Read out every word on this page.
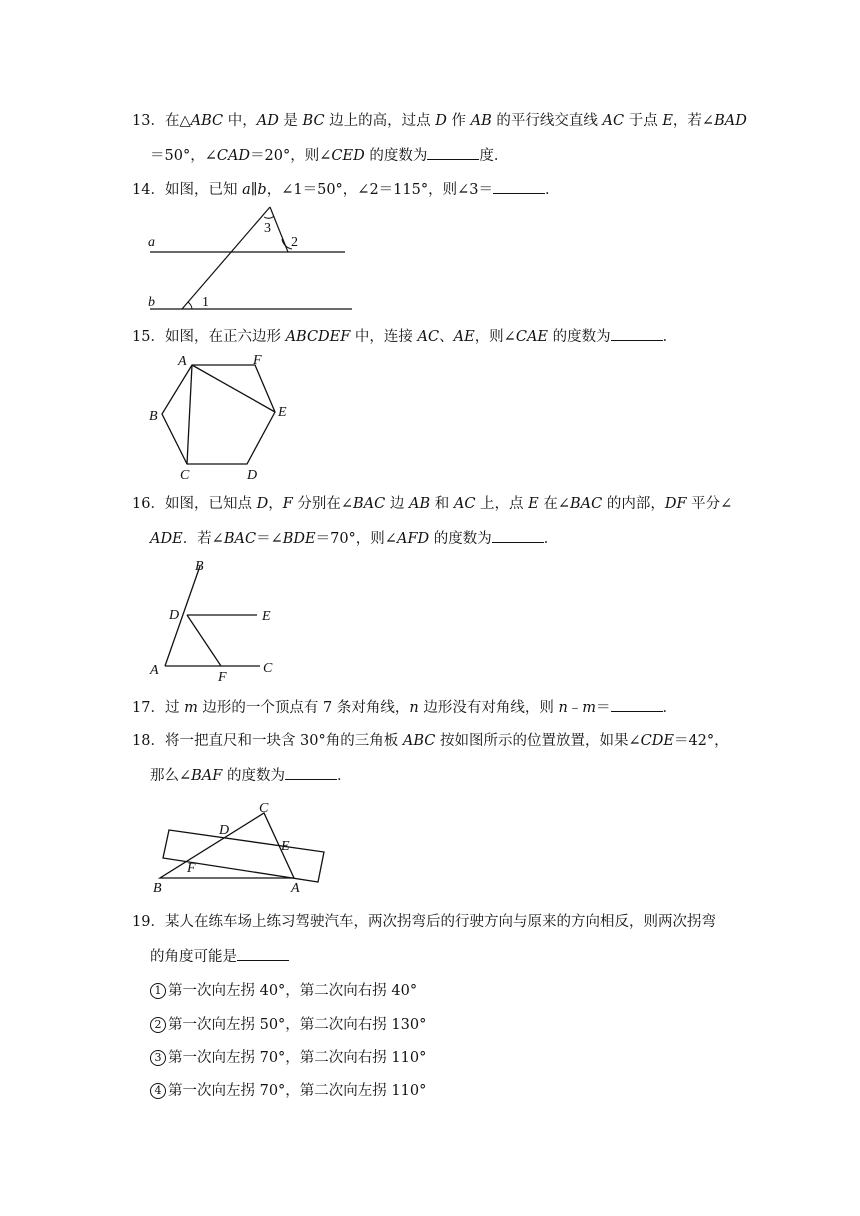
13．在△ABC 中，AD 是 BC 边上的高，过点 D 作 AB 的平行线交直线 AC 于点 E，若∠BAD
＝50°，∠CAD＝20°，则∠CED 的度数为	度．
14．如图，已知 a∥b，∠1＝50°，∠2＝115°，则∠3＝	．
a
b	1
2
3
15．如图，在正六边形 ABCDEF 中，连接 AC、AE，则∠CAE 的度数为	．
A	F
B	E
C	D
16．如图，已知点 D，F 分别在∠BAC 边 AB 和 AC 上，点 E 在∠BAC 的内部，DF 平分∠
ADE．若∠BAC＝∠BDE＝70°，则∠AFD 的度数为	．
B
D	E
A	F
C
17．过 m 边形的一个顶点有 7 条对角线，n 边形没有对角线，则 n﹣m＝	．
18．将一把直尺和一块含 30°角的三角板 ABC 按如图所示的位置放置，如果∠CDE＝42°，
那么∠BAF 的度数为	．
C
D
E
F
B	A
19．某人在练车场上练习驾驶汽车，两次拐弯后的行驶方向与原来的方向相反，则两次拐弯
的角度可能是
1 第一次向左拐 40°，第二次向右拐 40°
2 第一次向左拐 50°，第二次向右拐 130°
3 第一次向左拐 70°，第二次向右拐 110°
4 第一次向左拐 70°，第二次向左拐 110°
